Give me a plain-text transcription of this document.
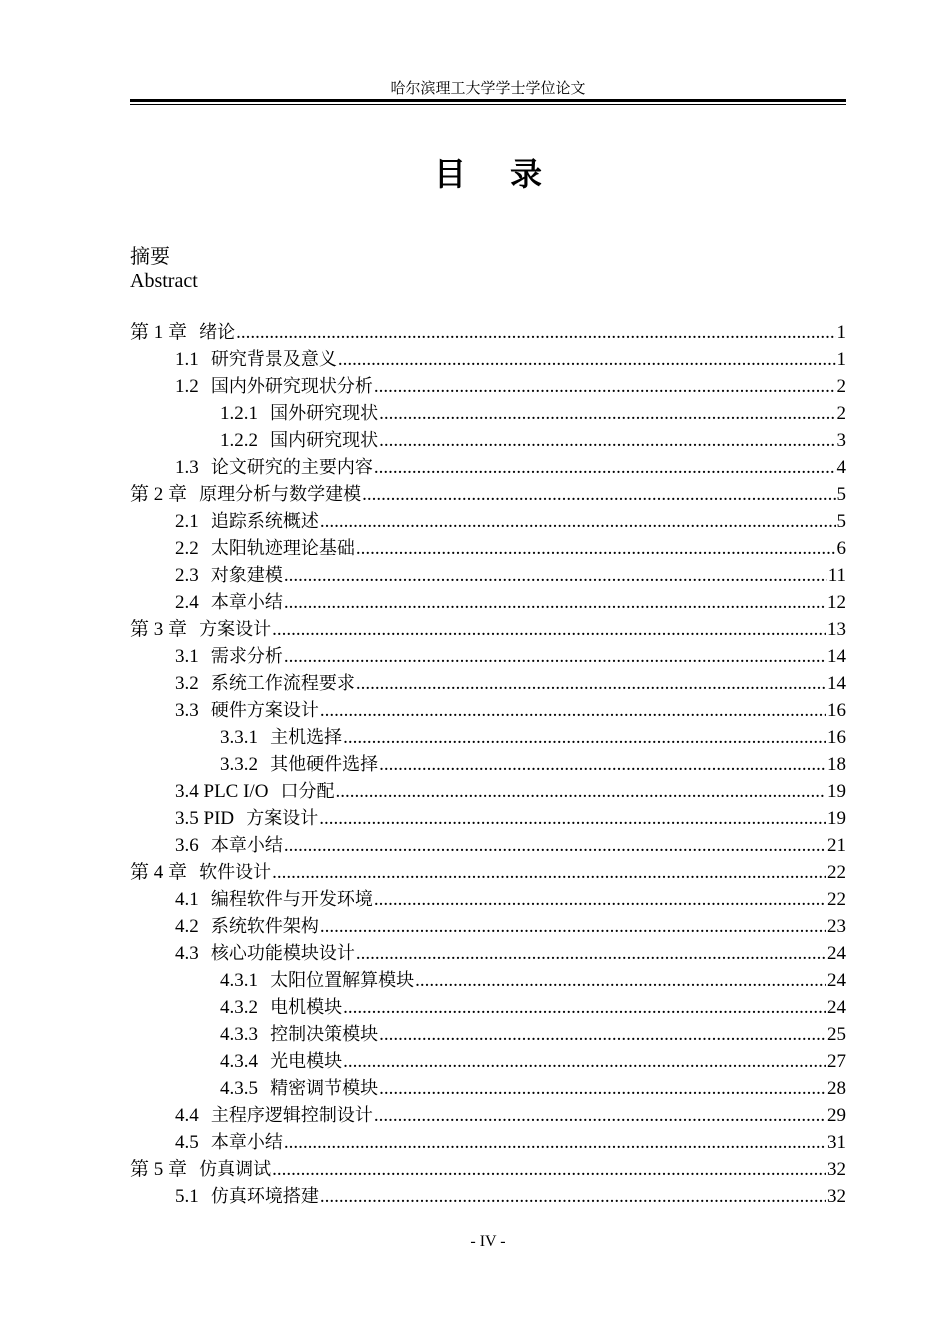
哈尔滨理工大学学士学位论文
目 录
摘要
Abstract
第 1 章 绪论 .....	1
1.1 研究背景及意义 .....	1
1.2 国内外研究现状分析 .....	2
1.2.1 国外研究现状 .....	2
1.2.2 国内研究现状 .....	3
1.3 论文研究的主要内容 .....	4
第 2 章 原理分析与数学建模 .....	5
2.1 追踪系统概述 .....	5
2.2 太阳轨迹理论基础 .....	6
2.3 对象建模 .....	11
2.4 本章小结 .....	12
第 3 章 方案设计 .....	13
3.1 需求分析 .....	14
3.2 系统工作流程要求 .....	14
3.3 硬件方案设计 .....	16
3.3.1 主机选择 .....	16
3.3.2 其他硬件选择 .....	18
3.4 PLC I/O 口分配 .....	19
3.5 PID 方案设计 .....	19
3.6 本章小结 .....	21
第 4 章 软件设计 .....	22
4.1 编程软件与开发环境 .....	22
4.2 系统软件架构 .....	23
4.3 核心功能模块设计 .....	24
4.3.1 太阳位置解算模块 .....	24
4.3.2 电机模块 .....	24
4.3.3 控制决策模块 .....	25
4.3.4 光电模块 .....	27
4.3.5 精密调节模块 .....	28
4.4 主程序逻辑控制设计 .....	29
4.5 本章小结 .....	31
第 5 章 仿真调试 .....	32
5.1 仿真环境搭建 .....	32
- IV -
